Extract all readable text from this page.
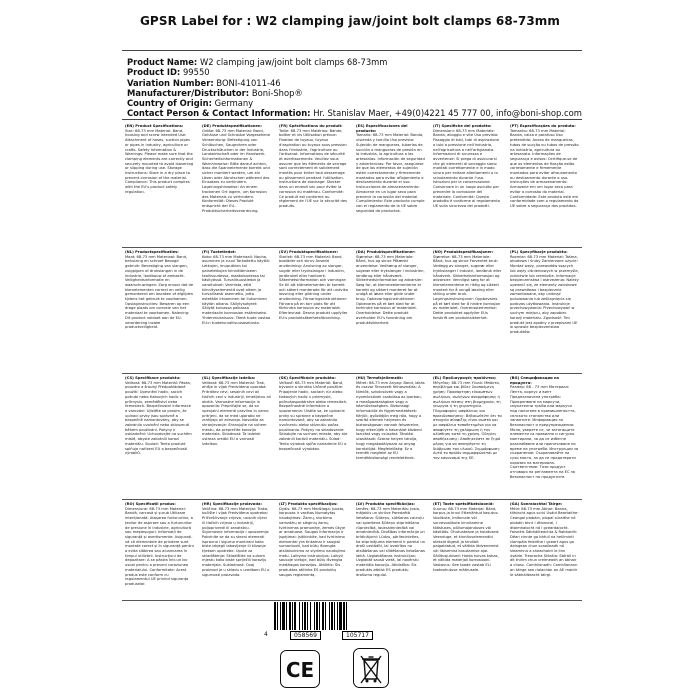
GPSR Label for : W2 clamping jaw/joint bolt clamps 68-73mm
Product Name: W2 clamping jaw/joint bolt clamps 68-73mm
Product ID: 99550
Variation Number: BONI-41011-46
Manufacturer/Distributor: Boni-Shop®
Country of Origin: Germany
Contact Person & Contact Information: Hr. Stanislav Maer, +49(0)4221 45 777 00, info@boni-shop.com
(EN) Product Specifications:
Size: 68-73 mm Material: Band, housing and screw Intended Use: Attachment of hoses, suction pipes or pipes in industry, agriculture or crafts. Safety Information & Warnings: Please make sure that the clamping elements are correctly and securely mounted to avoid loosening or slipping during use. Storage Instructions: Store in a dry place to prevent corrosion of the material. Compliance: This product complies with the EU's product safety regulation.
(DE) Produktspezifikationen:
Größe: 68-73 mm Material: Band, Gehäuse und Schraube Vorgesehene Verwendung: Befestigung von Schläuchen, Saugrohren oder Druckschläuchen in der Industrie, Landwirtschaft oder im Handwerk. Sicherheitsinformationen & Warnhinweise: Bitte darauf achten, dass die Spannelemente korrekt und sicher montiert werden, um ein Lösen oder Abrutschen während des Einsatzes zu verhindern. Lagerungshinweise: An einem trockenen Ort lagern, um Korrosion des Materials zu verhindern. Konformität: Dieses Produkt entspricht der EU-Produktsicherheitsverordnung.
(FR) Spécifications du produit:
Taille: 68-73 mm Matériau: Bande, boîtier et vis Utilisation prévue: Fixation de tuyaux, tuyaux d'aspiration ou tuyaux sous pression dans l'industrie, l'agriculture ou l'artisanat. Informations de sécurité et avertissements: Veuillez vous assurer que les éléments de serrage sont correctement et solidement montés pour éviter tout desserrage ou glissement pendant l'utilisation. Instructions de stockage: Stocker dans un endroit sec pour éviter la corrosion du matériau. Conformité: Ce produit est conforme au règlement de l'UE sur la sécurité des produits.
(ES) Especificaciones del producto:
Tamaño: 68-73 mm Material: Banda, vivienda y tornillo Uso previsto: Sujeción de mangueras, tuberías de succión o mangueras de presión en la industria, la agricultura o las artesanías. Información de seguridad y advertencias: Por favor, asegúrese de que los elementos de sujeción estén correctamente y firmemente montados para evitar aflojamiento o deslizamiento durante el uso. Instrucciones de almacenamiento: Almacene en un lugar seco para prevenir la corrosión del material. Cumplimiento: Este producto cumple con el reglamento de la UE sobre seguridad de productos.
(IT) Specifiche del prodotto:
Dimensioni: 68-73 mm Materiale: Banda, alloggio e vite Uso previsto: Fissaggio di tubi, tubi di aspirazione o tubi a pressione nell'industria, nell'agricoltura o nell'artigianato. Informazioni di sicurezza e avvertenze: Si prega di assicurarsi che gli elementi di serraggio siano montati correttamente e in modo sicuro per evitare allentamenti o lo scivolamento durante l'uso. Istruzioni per la conservazione: Conservare in un luogo asciutto per prevenire la corrosione del materiale. Conformità: Questo prodotto è conforme al regolamento UE sulla sicurezza dei prodotti.
(PT) Especificações do produto:
Tamanho: 68-73 mm Material: Banda, caixa e parafuso Uso pretendido: Anexo de mangueiras, tubos de sucção ou tubos de pressão na indústria, agricultura ou artesanato. Informações de segurança e avisos: Certifique-se de que os elementos de fixação estão corretamente e firmemente montados para evitar afrouxamento ou deslizamento durante o uso. Instruções de armazenamento: Armazene em um lugar seco para evitar a corrosão do material. Conformidade: Este produto está em conformidade com o regulamento da UE sobre a segurança dos produtos.
(NL) Productspecificaties:
Maat: 68-73 mm Materiaal: Band, behuizing en schroef Beoogd gebruik: Bevestiging van slangen, zuigpijpen of drukslangen in de industrie, landbouw of ambacht. Veiligheidsinformatie en waarschuwingen: Zorg ervoor dat de klemelementen correct en veilig gemonteerd om losraken of afglijden tijdens het gebruik te voorkomen. Opslaginstructies: Bewaren op een droge plaats om corrosie van het materiaal te voorkomen. Naleving: Dit product voldoet aan de EU-verordening inzake productveiligheid.
(FI) Tuotetiedot:
Koko: 68-73 mm Materiaali: Nauha, asuminen ja ruuvi Tarkoitettu käyttö: Letkujen, imuputkien tai paineletkujen kiinnittämiseen teollisuudessa, maataloudessa tai käsityössä. Turvallisuustiedot ja varoitukset: Varmista, että kiinnityselementit ovat oikein ja turvallisesti asennettu, jotta estetään irtoaminen tai liukuminen käytön aikana. Säilytysohjeet: Säilytä kuivassa paikassa materiaalin korroosion estämiseksi. Yhdenmukaisuus: Tämä tuote vastaa EU:n tuoteturvallisuusasetusta.
(SV) Produktspecifikationer:
Storlek: 68-73 mm Material: Band, bostäder och skruv Avsedd användning: Anvisning av slangar, sugrör eller tryckslangar i industrin, jordbruket eller hantverk. Säkerhetsinformation och varningar: Se till att klämelementen är korrekt och säkert monterade för att undvika lossning eller glidning under användning. Förvaringsinstruktioner: Förvara på en torr plats för att förhindra korrosion av materialet. Efterlevnad: Denna produkt uppfyller EU:s produktsäkerhetsförordning.
(DA) Produktspecifikationer:
Størrelse: 68-73 mm Materiale: Bånd, hus og skrue Påtænkt anvendelse: Vedhæng af slanger, sugerør eller trykslanger i industrien, landbrug eller håndværk. Sikkerhedsinformation og advarsler: Sørg for, at klemmeelementerne er korrekt og sikkert monteret for at undgå at løsne eller glide under brug. Opbevaringsinstruktioner: Opbevares på et tørt sted for at forhindre korrosion af materialet. Overholdelse: Dette produkt overholder EU's forordning om produktsikkerhed.
(NO) Produktspesifikasjoner:
Størrelse: 68-73 mm Materiale: Bånd, hus og skrue Forventet bruk: Vedlegg av slanger, sugerør eller trykkslanger i industri, landbruk eller håndverk. Sikkerhetsinformasjon og advarsler: Vennligst sørg for at klemelementene er riktig og sikkert montert for å unngå løsning eller skliing under bruk. Lagringsinstruksjoner: Oppbevares på et tørt sted for å hindre korrosjon av materialet. Overensstemmelse: Dette produktet oppfyller EUs forskrift om produktsikkerhet.
(PL) Specyfikacje produktu:
Rozmiar: 68-73 mm Materiał: Taśma, obudowa i śruby Zamierzone użycie: Montaż węży, przewodów ssących lub węży ciśnieniowych w przemyśle, rolnictwie lub rzemiośle. Informacje bezpieczeństwa i ostrzeżenia: Należy upewnić się, że elementy zaciskowe są prawidłowo i bezpiecznie zamontowane, aby uniknąć poluzowania lub ześlizgnięcia się podczas użytkowania. Instrukcje przechowywania: Przechowywać w suchym miejscu, aby zapobiec korozji materiału. Zgodność: Ten produkt jest zgodny z przepisami UE w sprawie bezpieczeństwa produktów.
(CS) Specifikace produktu:
Velikost: 68-73 mm Materiál: Páska, pouzdro a šroubý Předpokládané použití: Upevnění hadic, sacích potrubí nebo tlakových hadic v průmyslu, zemědělství nebo řemeslech. Bezpečnostní informace a varování: Ujistěte se prosím, že upínací prvky jsou správně a bezpečně namontovány, aby se zabránilo uvolnění nebo sklouznutí během používání. Pokyny k uskladnění: Uchovávejte na suchém místě, abyste zabránili korozi materiálu. Soulad: Tento produkt splňuje nařízení EU o bezpečnosti výrobků.
(SL) Specifikacije izdelka:
Velikost: 68-73 mm Material: Trak, ohišje in vijak Predvidena uporaba: Pritrditev cevi, sesalnih cevi ali tlačnih cevi v industriji, kmetijstvu ali obrtih. Varnostne informacije in opozorila: Prepričajte se, da so vpenjalni elementi pravilno in varno pritrjeni, da se med uporabo ne zrahljajo ali zdrsnejo. Navodila za shranjevanje: Shranjujte na suhem mestu, da preprečite korozijo materiala. Skladnost: Ta izdelek ustreza uredbi EU o varnosti izdelkov.
(SK) Špecifikácie produktu:
Veľkosť: 68-73 mm Materiál: Band, bývanie a skrutka Určené použitie: Pripojenie hadíc, saciach rúr alebo tlakových hadíc v priemysle, poľnohospodárstve alebo remeslách. Bezpečnostné informácie a upozornenia: Uistite sa, že upínacie prvky sú správne a bezpečne namontované, aby sa zabránilo uvoľneniu alebo skĺznutiu počas používania. Pokyny na skladovanie: Skladujte na suchom mieste, aby ste zabránili korózii materiálu. Súlad: Tento výrobok spĺňa nariadenie EÚ o bezpečnosti výrobkov.
(HU) Termékjellemzők:
Méret: 68-73 mm Anyag: Band, lakás és csavar Tervezett felhasználás: A tömlők, szívócsövek vagy a nyomócsövek csatolása az iparban, a mezőgazdaságban vagy a kézművességben. Biztonsági információk és figyelmeztetések: Kérjük, győződjön meg róla, hogy a szorító elemek helyesen és biztonságosan vannak felszerelve, hogy elkerüljék a használat közbeni lazulást vagy csúszást. Tárolási utasítások: Száraz helyen tárolja, hogy megakadályozza az anyag korrózióját. Megfelelőség: Ez a termék megfelel az EU termékbiztonsági rendeletének.
(EL) Προδιαγραφές προϊόντος:
Μέγεθος: 68-73 mm Υλικό: Μπάντα, περίβλημα και βίδες Σκοπούμενη χρήση: Προσάρτηση εύκαμπτων σωλήνων, σωλήνων αναρρόφησης ή σωλήνων πίεσης στη βιομηχανία, τη γεωργία ή τη χειροτεχνία. Πληροφορίες ασφάλειας και προειδοποιήσεις: Βεβαιωθείτε ότι τα στοιχεία σύσφιξης είναι σωστά και με ασφάλεια τοποθετημένα για να αποφύγετε τη χαλάρωση ή την ολίσθηση κατά τη χρήση. Οδηγίες αποθήκευσης: Αποθηκεύστε σε ξηρό μέρος για να αποτρέψετε τη διάβρωση του υλικού. Συμμόρφωση: Αυτό το προϊόν συμμορφώνεται με τον κανονισμό της ΕΕ.
(BG) Спецификации на продукта:
Размер: 68 - 73 mm Материал: Лента, корпус и винт Предназначена употреба: Прикрепване на маркучи, смукателни тръби или маркучи под налягане в промишлеността, селското стопанство или занаятите. Информация за безопасност и предупреждения: Моля, уверете се, че затягащите елементи са правилно и сигурно монтирани, за да се избегне разхлабване или приплъзване по време на употреба. Инструкции за съхранение: Съхранявайте на сухо място, за да се предотврати корозия на материала. Съответствие: Този продукт отговаря на регламента на ЕС за безопасност на продуктите.
(RO) Specificații produs:
Dimensiune: 68-73 mm Material: Bandă, carcasă și șurub Utilizare intenționată: Atașarea furtunurilor, a țevilor de aspirare sau a furtunurilor de presiune în industrie, agricultură sau meșteșuguri. Informații de siguranță și avertismente: Asigurați-vă că elementele de prindere sunt montate corect și în siguranță pentru a evita slăbirea sau alunecarea în timpul utilizării. Instrucțiuni de depozitare: A se păstra într-un loc uscat pentru a preveni coroziunea materialului. Conformitate: Acest produs este conform cu regulamentul UE privind siguranța produselor.
(HR) Specifikacije proizvoda:
Veličina: 68-73 mm Materijal: Traka, kućište i vijak Predviđena upotreba: Pričvršćivanje crijeva, usisnih cijevi ili tlačnih crijeva u industriji, poljoprivredi ili zanatstvu. Sigurnosne informacije i upozorenja: Pobrinite se da su stezni elementi ispravno i sigurno montirani kako biste izbjegli labavljenje ili klizanje tijekom upotrebe. Upute za skladištenje: Skladištite na suhom mjestu kako biste spriječili koroziju materijala. Sukladnost: Ovaj proizvod je u skladu s uredbom EU o sigurnosti proizvoda.
(LT) Produkto specifikacijos:
Dydis: 68-73 mm Medžiaga: Juosta, korpusas ir varžtas Numatytas naudojimas: Žarnų, siurbimo vamzdžių ar slėginių žarnų tvirtinimas pramonėje, žemės ūkyje ar amatuose. Saugos informacija ir įspėjimai: Įsitikinkite, kad tvirtinimo elementai yra tinkamai ir saugiai sumontuoti, kad būtų išvengta atsilaisvinimo ar slydimo naudojimo metu. Laikymo instrukcijos: Laikyti sausoje vietoje, kad būtų išvengta medžiagos korozijos. Atitiktis: Šis produktas atitinka ES produktų saugos reglamentą.
(LV) Produkta specifikācijas:
Izmērs: 68-73 mm Materiāls: Josla, mājoklis un skrūve Paredzētā lietošana: Šļūteņu, sūkšanas cauruļu vai spiediena šļūteņu stiprināšana rūpniecībā, lauksaimniecībā vai amatniecībā. Drošības informācija un brīdinājumi: Lūdzu, pārliecinieties, ka stiprinājuma elementi ir pareizi un droši uzstādīti, lai izvairītos no atslābšanas vai slīdēšanas lietošanas laikā. Uzglabāšanas instrukcijas: Uzglabāt sausā vietā, lai novērstu materiāla koroziju. Atbilstība: Šis produkts atbilst ES produktu drošuma regulai.
(ET) Toote spetsifikatsioonid:
Suurus: 68-73 mm Materjal: Bänd, korpus ja kruvi Ettenähtud kasutus: Voolikute, imitorude või survevoolikute kinnitamine tööstuses, põllumajanduses või käsitöös. Ohutusteave ja hoiatused: Veenduge, et kinnituselemendid oleksid õigesti ja kindlalt paigaldatud, et vältida lõdvenemist või libisemist kasutamise ajal. Säilitusjuhised: Hoida kuivas kohas, et vältida materjali korrosiooni. Vastavus: See toode vastab ELi tooteohutuse määrusele.
(GA) Sonraíochtaí Táirge:
Méid: 68-73 mm Ábhar: Banna, tithíocht agus scriú Úsáid Beartaithe: Ceangal píobáin, píopaí súraithe nó píobáin bhrú i dtionscal, i dtalmhaíocht nó i gceardaíocht. Faisnéis Sábháilteachta & Rabhaidh: Déan cinnte go bhfuil na heilimintí clampála feistithe i gceart agus go daingean chun scaoileadh nó sleamhnú a sheachaint le linn úsáide. Treoracha Stórála: Stóráil in áit thirim chun creimeadh an ábhair a chosc. Comhlíonadh: Comhlíonann an táirge seo rialachán an AE maidir le sábháilteacht táirgí.
4	058569	105717
CE
